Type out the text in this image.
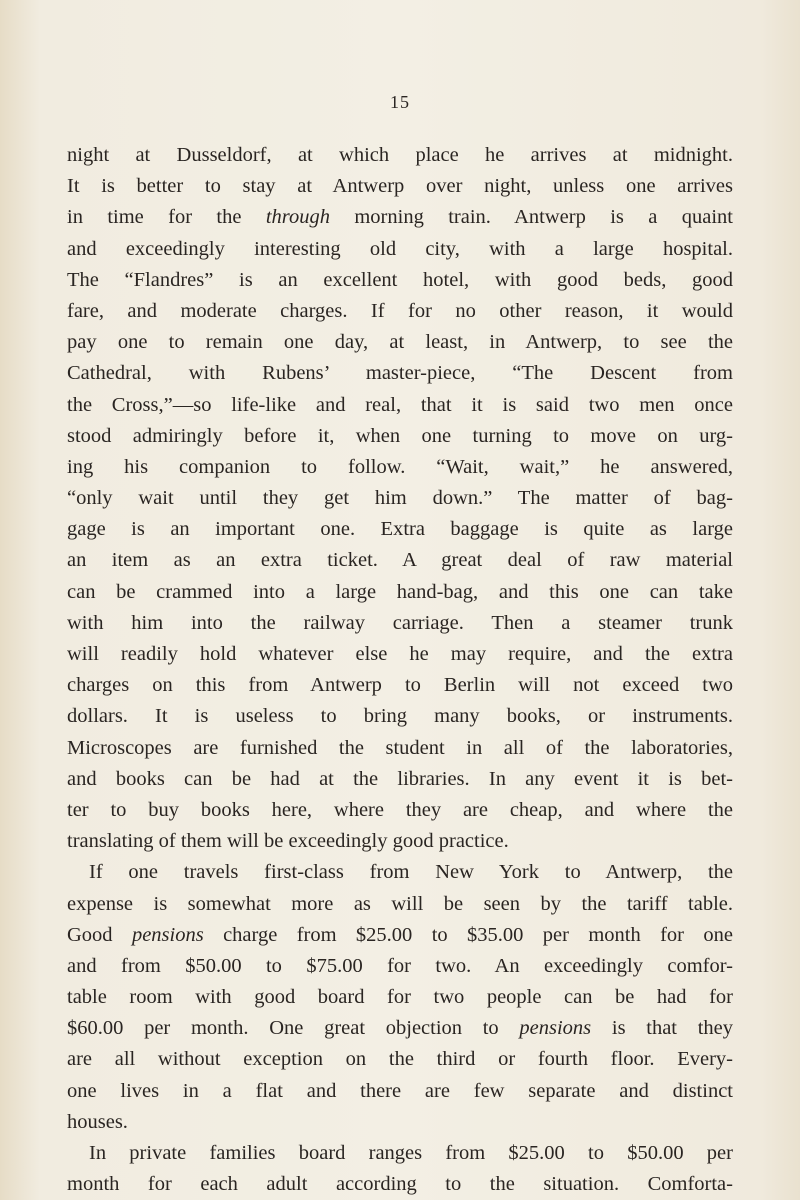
15
night at Dusseldorf, at which place he arrives at midnight.
It is better to stay at Antwerp over night, unless one arrives
in time for the through morning train. Antwerp is a quaint
and exceedingly interesting old city, with a large hospital.
The “Flandres” is an excellent hotel, with good beds, good
fare, and moderate charges. If for no other reason, it would
pay one to remain one day, at least, in Antwerp, to see the
Cathedral, with Rubens’ master-piece, “The Descent from
the Cross,”—so life-like and real, that it is said two men once
stood admiringly before it, when one turning to move on urg-
ing his companion to follow. “Wait, wait,” he answered,
“only wait until they get him down.” The matter of bag-
gage is an important one. Extra baggage is quite as large
an item as an extra ticket. A great deal of raw material
can be crammed into a large hand-bag, and this one can take
with him into the railway carriage. Then a steamer trunk
will readily hold whatever else he may require, and the extra
charges on this from Antwerp to Berlin will not exceed two
dollars. It is useless to bring many books, or instruments.
Microscopes are furnished the student in all of the laboratories,
and books can be had at the libraries. In any event it is bet-
ter to buy books here, where they are cheap, and where the
translating of them will be exceedingly good practice.
If one travels first-class from New York to Antwerp, the
expense is somewhat more as will be seen by the tariff table.
Good pensions charge from $25.00 to $35.00 per month for one
and from $50.00 to $75.00 for two. An exceedingly comfor-
table room with good board for two people can be had for
$60.00 per month. One great objection to pensions is that they
are all without exception on the third or fourth floor. Every-
one lives in a flat and there are few separate and distinct
houses.
In private families board ranges from $25.00 to $50.00 per
month for each adult according to the situation. Comforta-
